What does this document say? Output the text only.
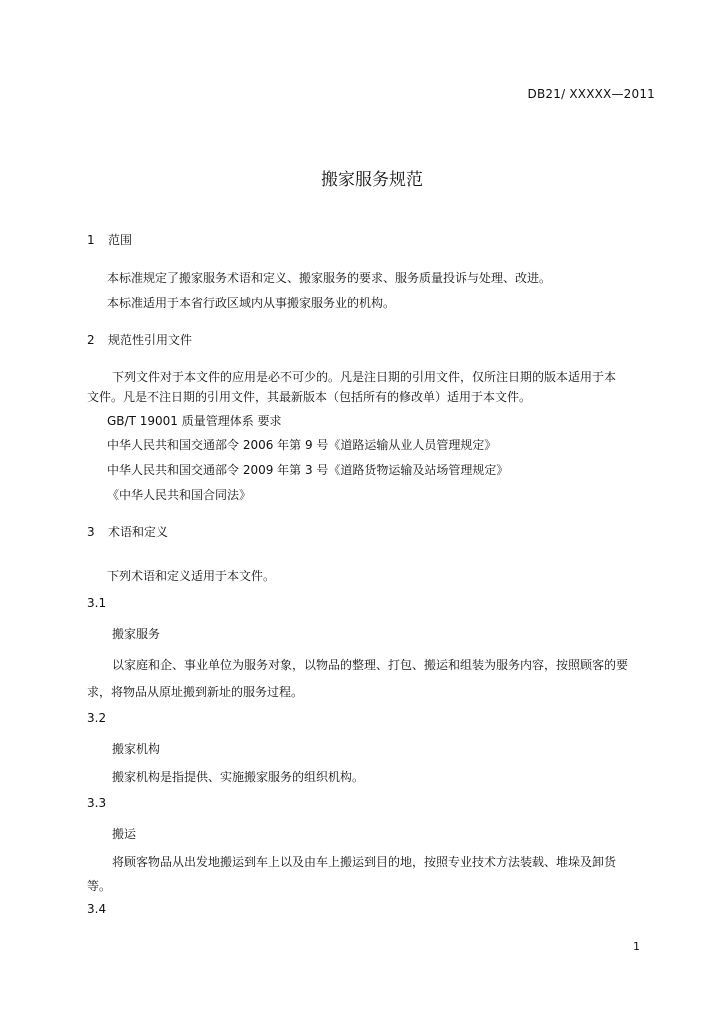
DB21/ XXXXX—2011
搬家服务规范
1 范围
本标准规定了搬家服务术语和定义、搬家服务的要求、服务质量投诉与处理、改进。
本标准适用于本省行政区域内从事搬家服务业的机构。
2 规范性引用文件
下列文件对于本文件的应用是必不可少的。凡是注日期的引用文件，仅所注日期的版本适用于本
文件。凡是不注日期的引用文件，其最新版本（包括所有的修改单）适用于本文件。
GB/T 19001 质量管理体系 要求
中华人民共和国交通部令 2006 年第 9 号《道路运输从业人员管理规定》
中华人民共和国交通部令 2009 年第 3 号《道路货物运输及站场管理规定》
《中华人民共和国合同法》
3 术语和定义
下列术语和定义适用于本文件。
3.1
搬家服务
以家庭和企、事业单位为服务对象，以物品的整理、打包、搬运和组装为服务内容，按照顾客的要
求，将物品从原址搬到新址的服务过程。
3.2
搬家机构
搬家机构是指提供、实施搬家服务的组织机构。
3.3
搬运
将顾客物品从出发地搬运到车上以及由车上搬运到目的地，按照专业技术方法装载、堆垛及卸货
等。
3.4
1
